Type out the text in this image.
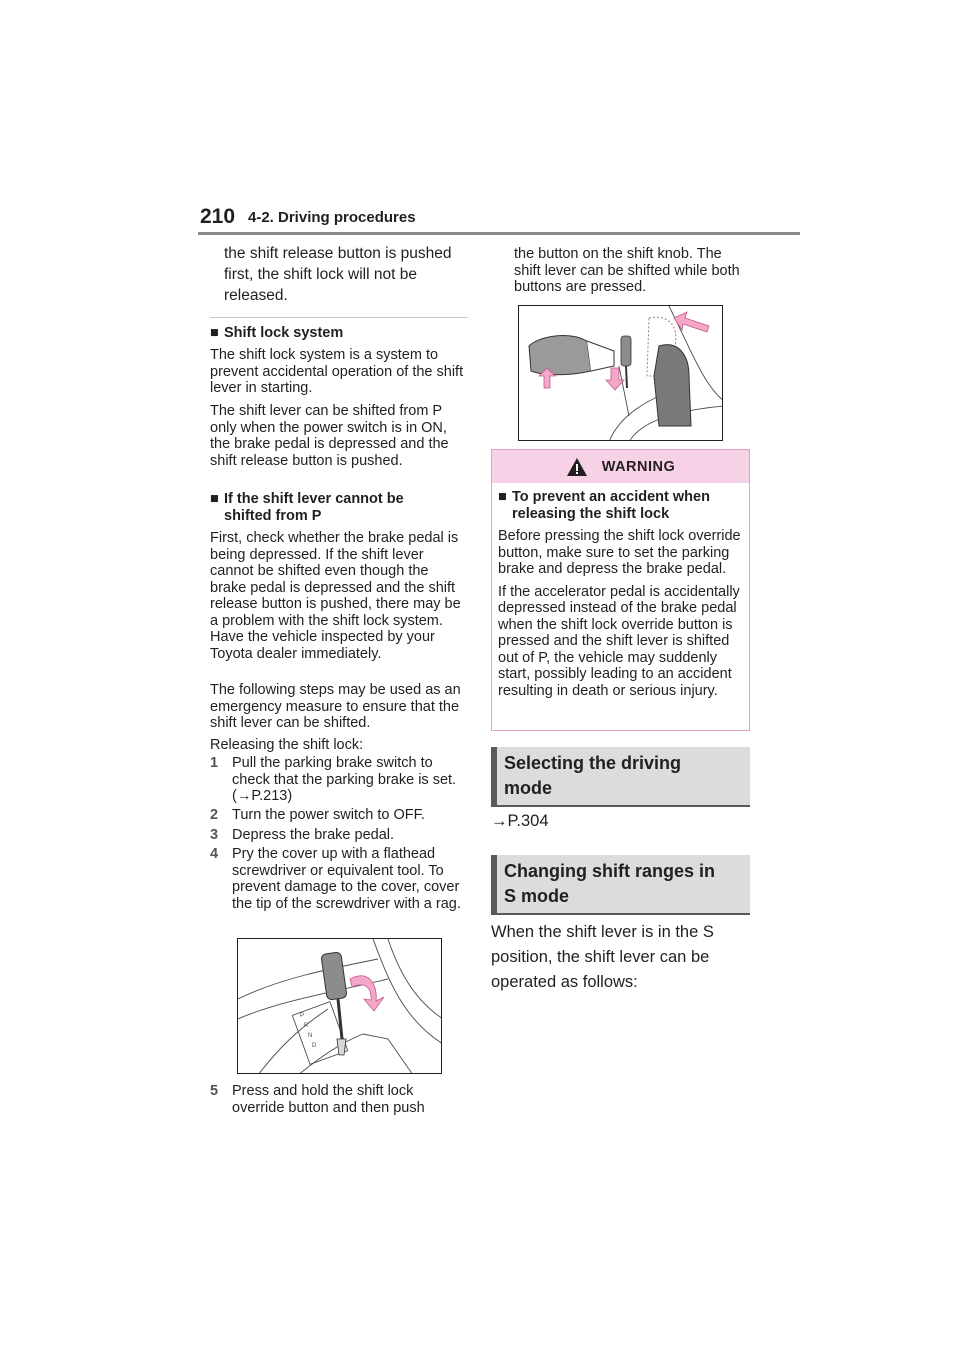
210 4-2. Driving procedures
the shift release button is pushed
first, the shift lock will not be
released.
■ Shift lock system
The shift lock system is a system to prevent accidental operation of the shift lever in starting.
The shift lever can be shifted from P only when the power switch is in ON, the brake pedal is depressed and the shift release button is pushed.
■ If the shift lever cannot be
shifted from P
First, check whether the brake pedal is being depressed. If the shift lever cannot be shifted even though the brake pedal is depressed and the shift release button is pushed, there may be a problem with the shift lock system. Have the vehicle inspected by your Toyota dealer immediately.
The following steps may be used as an emergency measure to ensure that the shift lever can be shifted.
Releasing the shift lock:
1 Pull the parking brake switch to check that the parking brake is set. (→P.213)
2 Turn the power switch to OFF.
3 Depress the brake pedal.
4 Pry the cover up with a flathead screwdriver or equivalent tool. To prevent damage to the cover, cover the tip of the screwdriver with a rag.
P
R
N
D
5 Press and hold the shift lock override button and then push
the button on the shift knob. The shift lever can be shifted while both buttons are pressed.
WARNING
■ To prevent an accident when
releasing the shift lock
Before pressing the shift lock override button, make sure to set the parking brake and depress the brake pedal.
If the accelerator pedal is accidentally depressed instead of the brake pedal when the shift lock override button is pressed and the shift lever is shifted out of P, the vehicle may suddenly start, possibly leading to an accident resulting in death or serious injury.
Selecting the driving
mode
→P.304
Changing shift ranges in
S mode
When the shift lever is in the S
position, the shift lever can be
operated as follows:
